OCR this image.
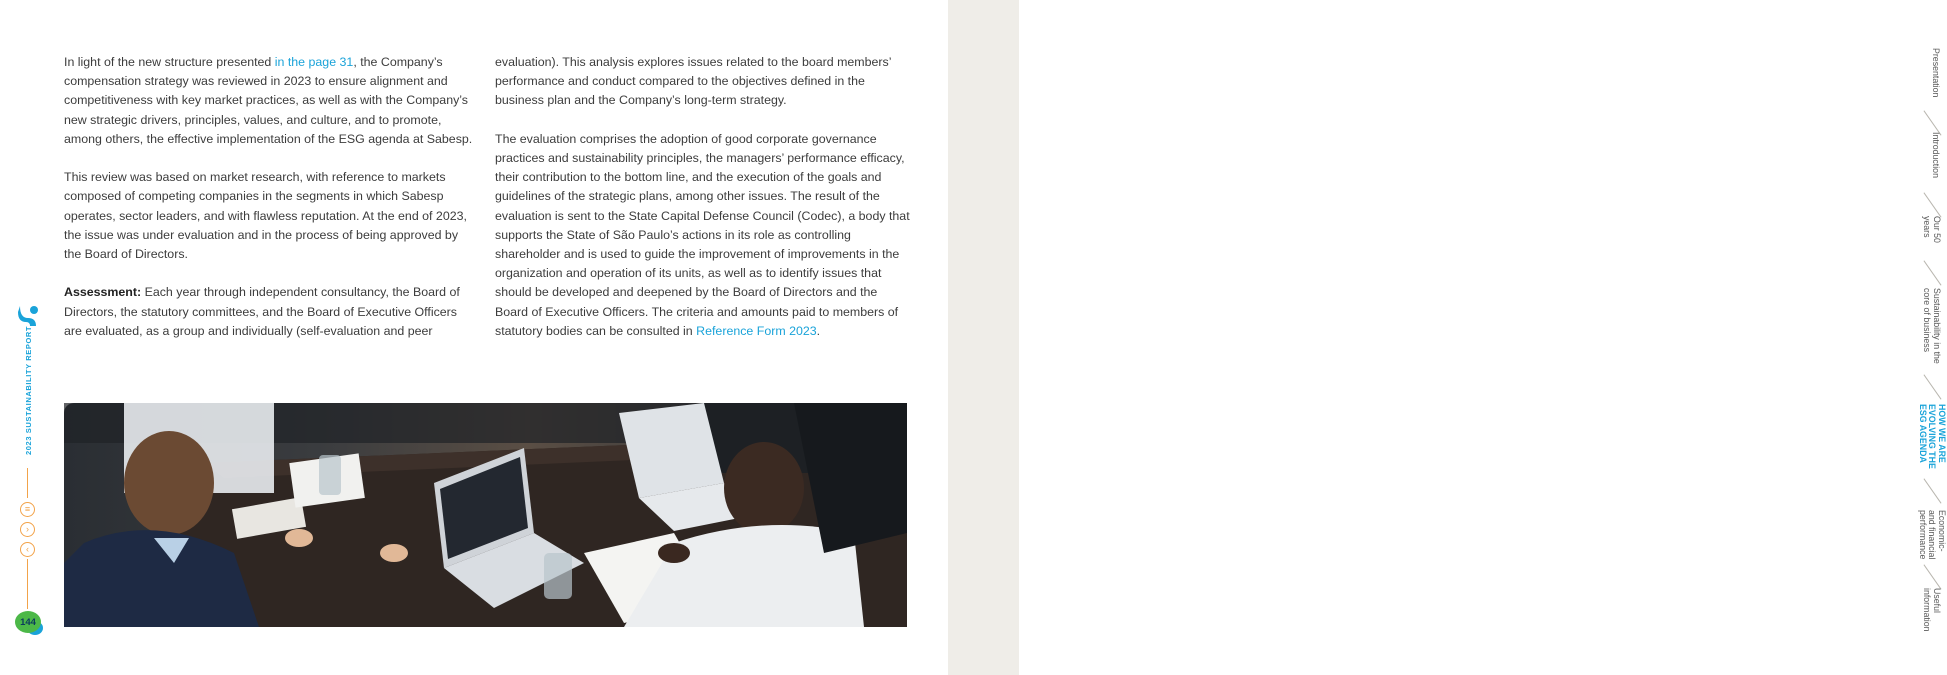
In light of the new structure presented in the page 31, the Company’s compensation strategy was reviewed in 2023 to ensure alignment and competitiveness with key market practices, as well as with the Company’s new strategic drivers, principles, values, and culture, and to promote, among others, the effective implementation of the ESG agenda at Sabesp.

This review was based on market research, with reference to markets composed of competing companies in the segments in which Sabesp operates, sector leaders, and with flawless reputation. At the end of 2023, the issue was under evaluation and in the process of being approved by the Board of Directors.

Assessment: Each year through independent consultancy, the Board of Directors, the statutory committees, and the Board of Executive Officers are evaluated, as a group and individually (self-evaluation and peer

evaluation). This analysis explores issues related to the board members’ performance and conduct compared to the objectives defined in the business plan and the Company’s long-term strategy.

The evaluation comprises the adoption of good corporate governance practices and sustainability principles, the managers’ performance efficacy, their contribution to the bottom line, and the execution of the goals and guidelines of the strategic plans, among other issues. The result of the evaluation is sent to the State Capital Defense Council (Codec), a body that supports the State of São Paulo’s actions in its role as controlling shareholder and is used to guide the improvement of improvements in the organization and operation of its units, as well as to identify issues that should be developed and deepened by the Board of Directors and the Board of Executive Officers. The criteria and amounts paid to members of statutory bodies can be consulted in Reference Form 2023.

2023 SUSTAINABILITY REPORT
≡
›
‹
144
Presentation
Introduction
Our 50
years
Sustainability in the
core of business
HOW WE ARE
EVOLVING THE
ESG AGENDA
Economic-
and financial
performance
Useful
information
